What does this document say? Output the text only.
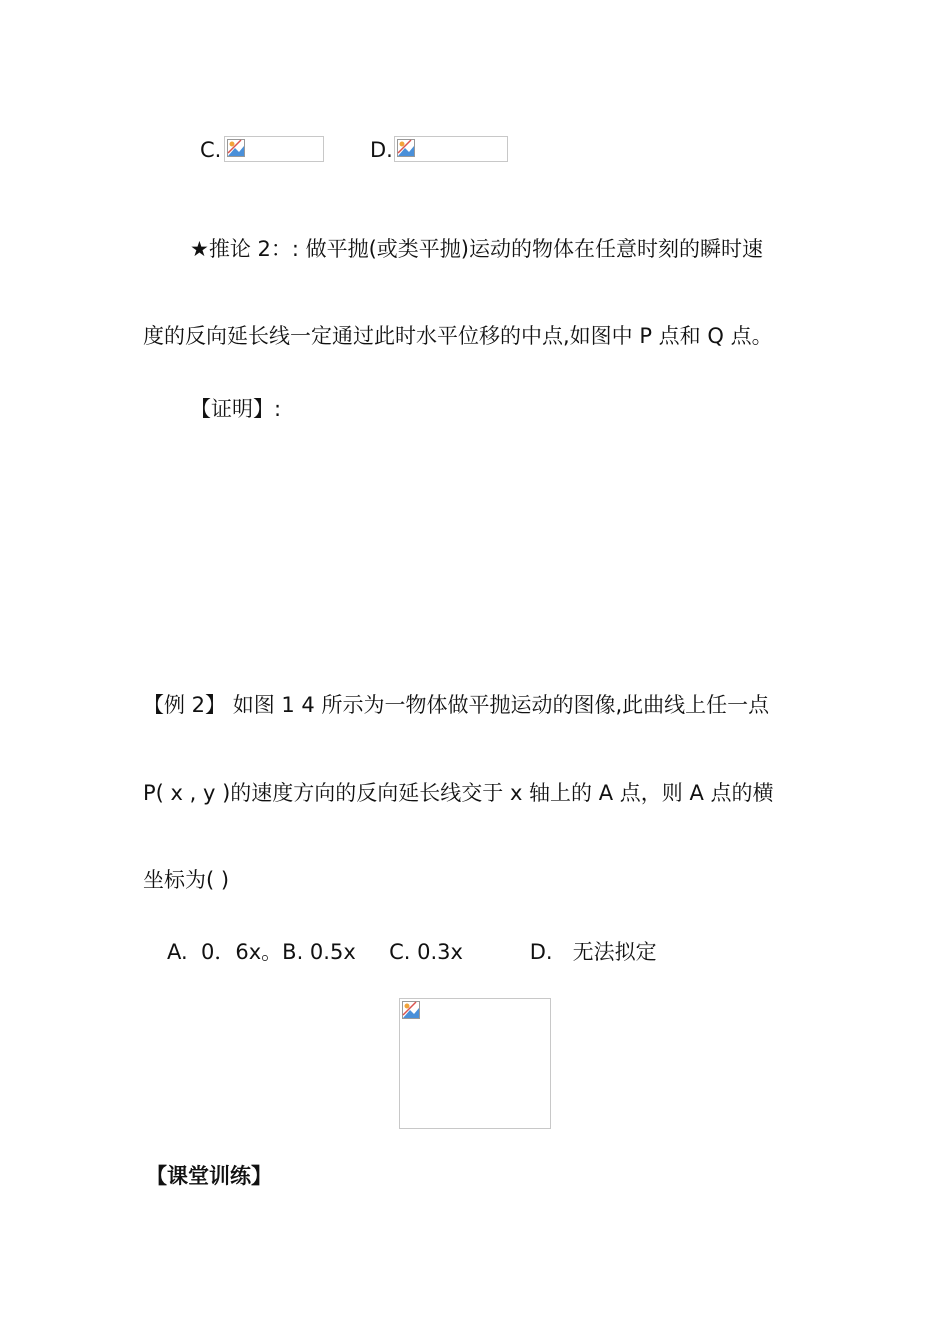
C.	D.
★推论 2：: 做平抛(或类平抛)运动的物体在任意时刻的瞬时速
度的反向延长线一定通过此时水平位移的中点,如图中 P 点和 Q 点。
【证明】:
【例 2】 如图 1 4 所示为一物体做平抛运动的图像,此曲线上任一点
P( x , y )的速度方向的反向延长线交于 x 轴上的 A 点，则 A 点的横
坐标为( )
A.  0．6x。B. 0.5x     C. 0.3x          D.   无法拟定
【课堂训练】
